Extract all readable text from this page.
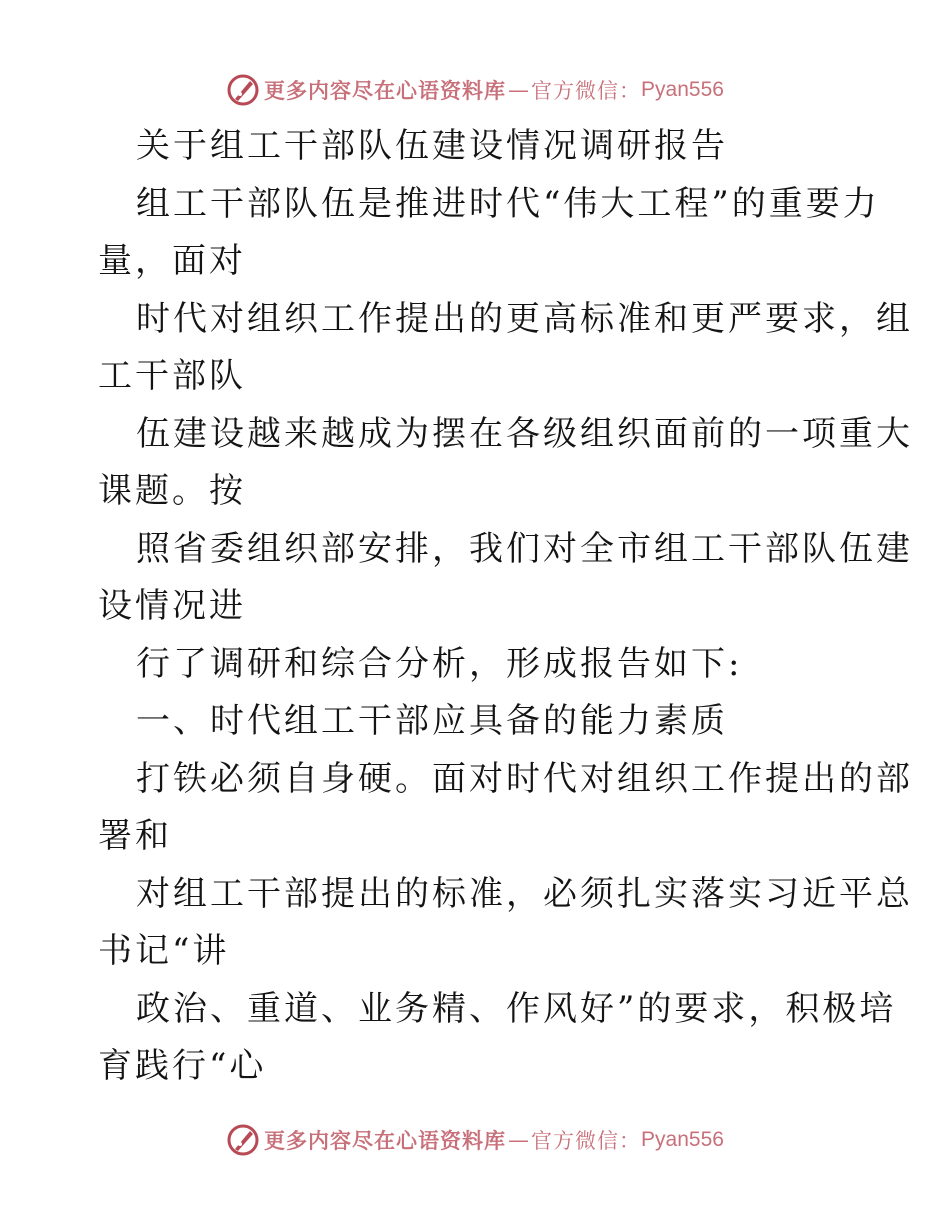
更多内容尽在心语资料库 — 官方微信： Pyan556
关于组工干部队伍建设情况调研报告
组工干部队伍是推进时代“伟大工程”的重要力
量，面对
时代对组织工作提出的更高标准和更严要求，组
工干部队
伍建设越来越成为摆在各级组织面前的一项重大
课题。按
照省委组织部安排，我们对全市组工干部队伍建
设情况进
行了调研和综合分析，形成报告如下:
一、时代组工干部应具备的能力素质
打铁必须自身硬。面对时代对组织工作提出的部
署和
对组工干部提出的标准，必须扎实落实习近平总
书记“讲
政治、重道、业务精、作风好”的要求，积极培
育践行“心
更多内容尽在心语资料库 — 官方微信： Pyan556
